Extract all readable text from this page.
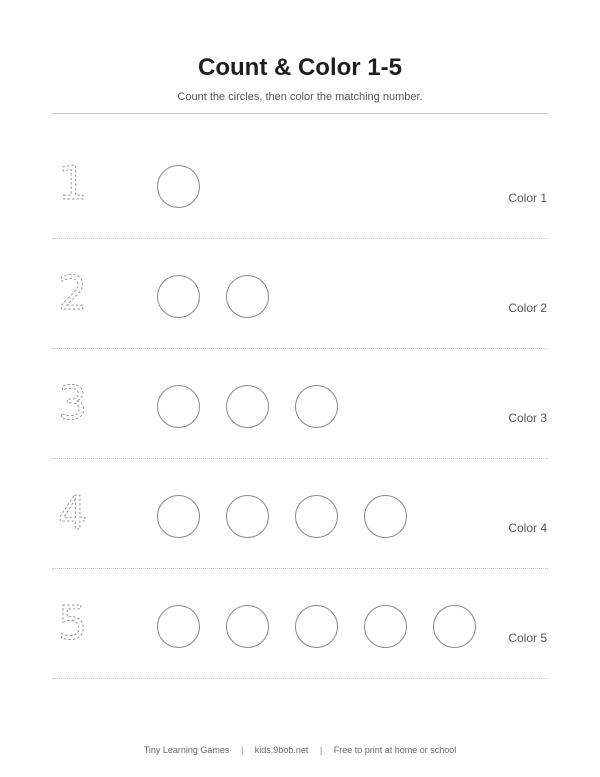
Count & Color 1-5
Count the circles, then color the matching number.
1	Color 1
2	Color 2
3	Color 3
4	Color 4
5	Color 5
Tiny Learning Games | kids.9bob.net | Free to print at home or school
